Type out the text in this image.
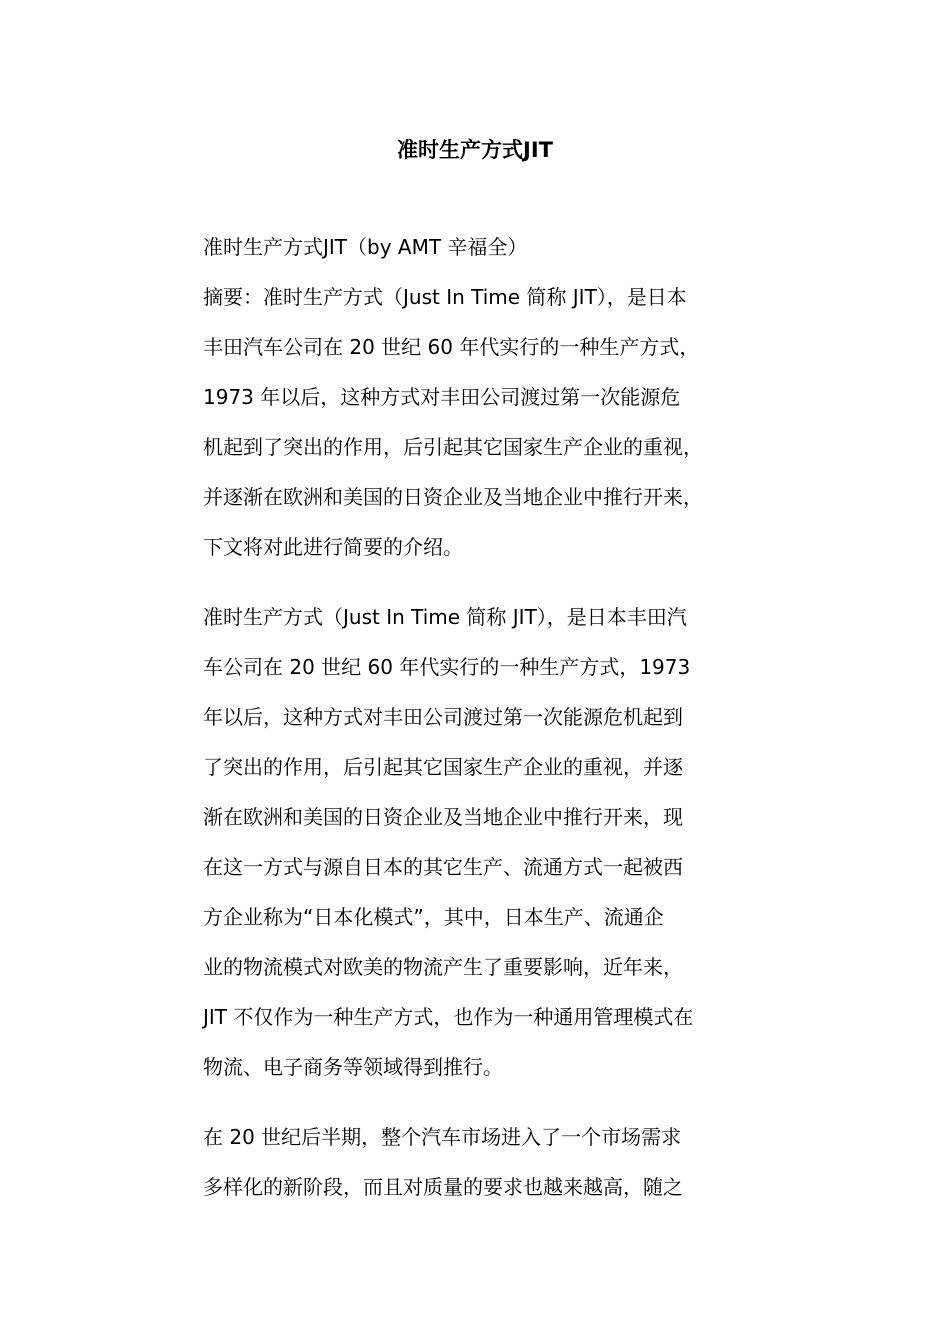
准时生产方式JIT
准时生产方式JIT（by AMT 辛福全）
摘要：准时生产方式（Just In Time 简称 JIT），是日本
丰田汽车公司在 20 世纪 60 年代实行的一种生产方式，
1973 年以后，这种方式对丰田公司渡过第一次能源危
机起到了突出的作用，后引起其它国家生产企业的重视，
并逐渐在欧洲和美国的日资企业及当地企业中推行开来，
下文将对此进行简要的介绍。
准时生产方式（Just In Time 简称 JIT），是日本丰田汽
车公司在 20 世纪 60 年代实行的一种生产方式，1973
年以后，这种方式对丰田公司渡过第一次能源危机起到
了突出的作用，后引起其它国家生产企业的重视，并逐
渐在欧洲和美国的日资企业及当地企业中推行开来，现
在这一方式与源自日本的其它生产、流通方式一起被西
方企业称为“日本化模式”，其中，日本生产、流通企
业的物流模式对欧美的物流产生了重要影响，近年来，
JIT 不仅作为一种生产方式，也作为一种通用管理模式在
物流、电子商务等领域得到推行。
在 20 世纪后半期，整个汽车市场进入了一个市场需求
多样化的新阶段，而且对质量的要求也越来越高，随之
